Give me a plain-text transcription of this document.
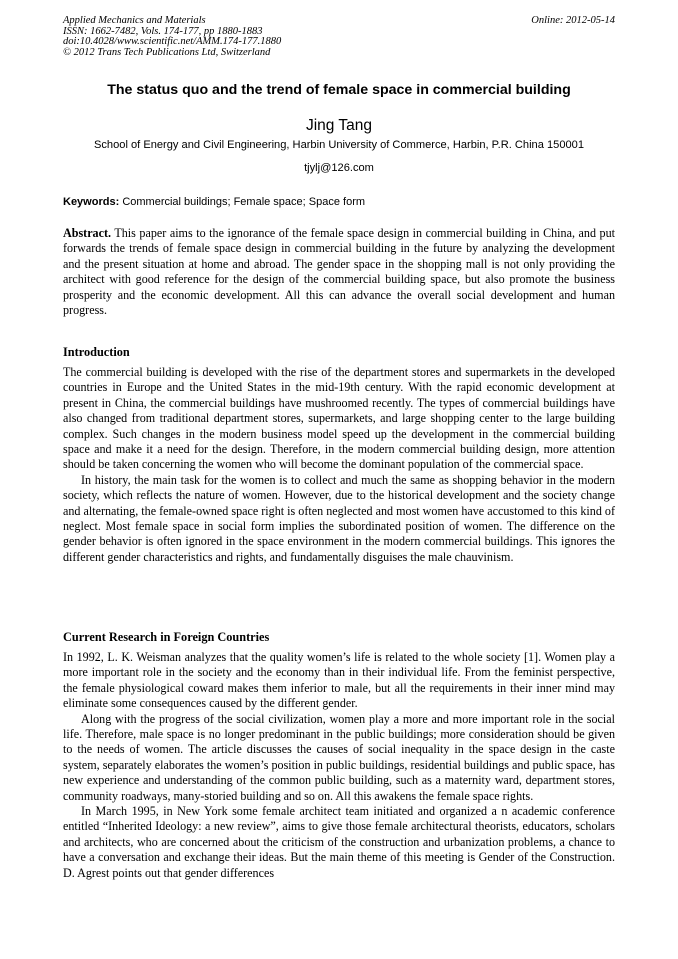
Applied Mechanics and Materials	Online: 2012-05-14
ISSN: 1662-7482, Vols. 174-177, pp 1880-1883
doi:10.4028/www.scientific.net/AMM.174-177.1880
© 2012 Trans Tech Publications Ltd, Switzerland
The status quo and the trend of female space in commercial building
Jing Tang
School of Energy and Civil Engineering, Harbin University of Commerce, Harbin, P.R. China 150001
tjylj@126.com
Keywords: Commercial buildings; Female space; Space form

Abstract. This paper aims to the ignorance of the female space design in commercial building in China, and put forwards the trends of female space design in commercial building in the future by analyzing the development and the present situation at home and abroad. The gender space in the shopping mall is not only providing the architect with good reference for the design of the commercial building space, but also promote the business prosperity and the economic development. All this can advance the overall social development and human progress.

Introduction

The commercial building is developed with the rise of the department stores and supermarkets in the developed countries in Europe and the United States in the mid-19th century. With the rapid economic development at present in China, the commercial buildings have mushroomed recently. The types of commercial buildings have also changed from traditional department stores, supermarkets, and large shopping center to the large building complex. Such changes in the modern business model speed up the development in the commercial building space and make it a need for the design. Therefore, in the modern commercial building design, more attention should be taken concerning the women who will become the dominant population of the commercial space.

In history, the main task for the women is to collect and much the same as shopping behavior in the modern society, which reflects the nature of women. However, due to the historical development and the society change and alternating, the female-owned space right is often neglected and most women have accustomed to this kind of neglect. Most female space in social form implies the subordinated position of women. The difference on the gender behavior is often ignored in the space environment in the modern commercial buildings. This ignores the different gender characteristics and rights, and fundamentally disguises the male chauvinism.

Current Research in Foreign Countries

In 1992, L. K. Weisman analyzes that the quality women’s life is related to the whole society [1]. Women play a more important role in the society and the economy than in their individual life. From the feminist perspective, the female physiological coward makes them inferior to male, but all the requirements in their inner mind may eliminate some consequences caused by the different gender.

Along with the progress of the social civilization, women play a more and more important role in the social life. Therefore, male space is no longer predominant in the public buildings; more consideration should be given to the needs of women. The article discusses the causes of social inequality in the space design in the caste system, separately elaborates the women’s position in public buildings, residential buildings and public space, has new experience and understanding of the common public building, such as a maternity ward, department stores, community roadways, many-storied building and so on. All this awakens the female space rights.

In March 1995, in New York some female architect team initiated and organized a n academic conference entitled “Inherited Ideology: a new review”, aims to give those female architectural theorists, educators, scholars and architects, who are concerned about the criticism of the construction and urbanization problems, a chance to have a conversation and exchange their ideas. But the main theme of this meeting is Gender of the Construction. D. Agrest points out that gender differences
